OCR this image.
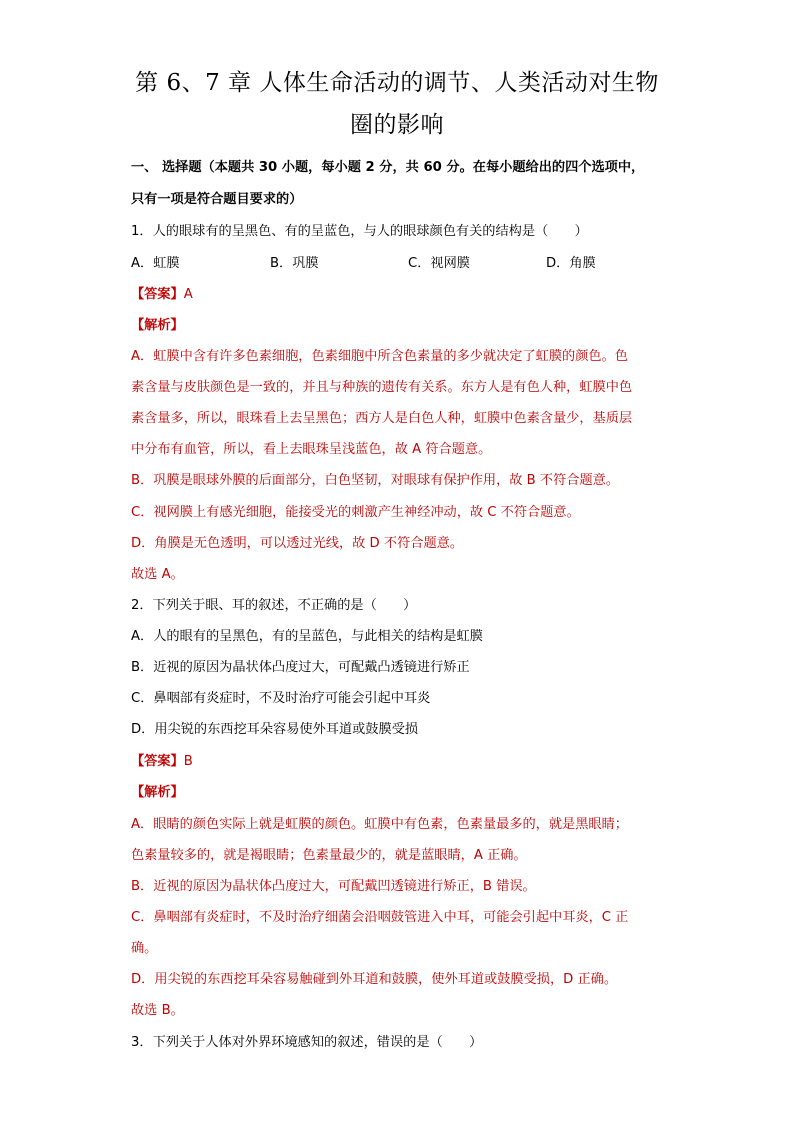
第 6、7 章 人体生命活动的调节、人类活动对生物
圈的影响
一、 选择题（本题共 30 小题，每小题 2 分，共 60 分。在每小题给出的四个选项中，
只有一项是符合题目要求的）
1．人的眼球有的呈黑色、有的呈蓝色，与人的眼球颜色有关的结构是（　　）
A．虹膜	B．巩膜	C．视网膜	D．角膜
【答案】A
【解析】
A．虹膜中含有许多色素细胞，色素细胞中所含色素量的多少就决定了虹膜的颜色。色
素含量与皮肤颜色是一致的，并且与种族的遗传有关系。东方人是有色人种，虹膜中色
素含量多，所以，眼珠看上去呈黑色；西方人是白色人种，虹膜中色素含量少，基质层
中分布有血管，所以，看上去眼珠呈浅蓝色，故 A 符合题意。
B．巩膜是眼球外膜的后面部分，白色坚韧，对眼球有保护作用，故 B 不符合题意。
C．视网膜上有感光细胞，能接受光的刺激产生神经冲动，故 C 不符合题意。
D．角膜是无色透明，可以透过光线，故 D 不符合题意。
故选 A。
2．下列关于眼、耳的叙述，不正确的是（　　）
A．人的眼有的呈黑色，有的呈蓝色，与此相关的结构是虹膜
B．近视的原因为晶状体凸度过大，可配戴凸透镜进行矫正
C．鼻咽部有炎症时，不及时治疗可能会引起中耳炎
D．用尖锐的东西挖耳朵容易使外耳道或鼓膜受损
【答案】B
【解析】
A．眼睛的颜色实际上就是虹膜的颜色。虹膜中有色素，色素量最多的，就是黑眼睛；
色素量较多的，就是褐眼睛；色素量最少的，就是蓝眼睛，A 正确。
B．近视的原因为晶状体凸度过大，可配戴凹透镜进行矫正，B 错误。
C．鼻咽部有炎症时，不及时治疗细菌会沿咽鼓管进入中耳，可能会引起中耳炎，C 正
确。
D．用尖锐的东西挖耳朵容易触碰到外耳道和鼓膜，使外耳道或鼓膜受损，D 正确。
故选 B。
3．下列关于人体对外界环境感知的叙述，错误的是（　　）
